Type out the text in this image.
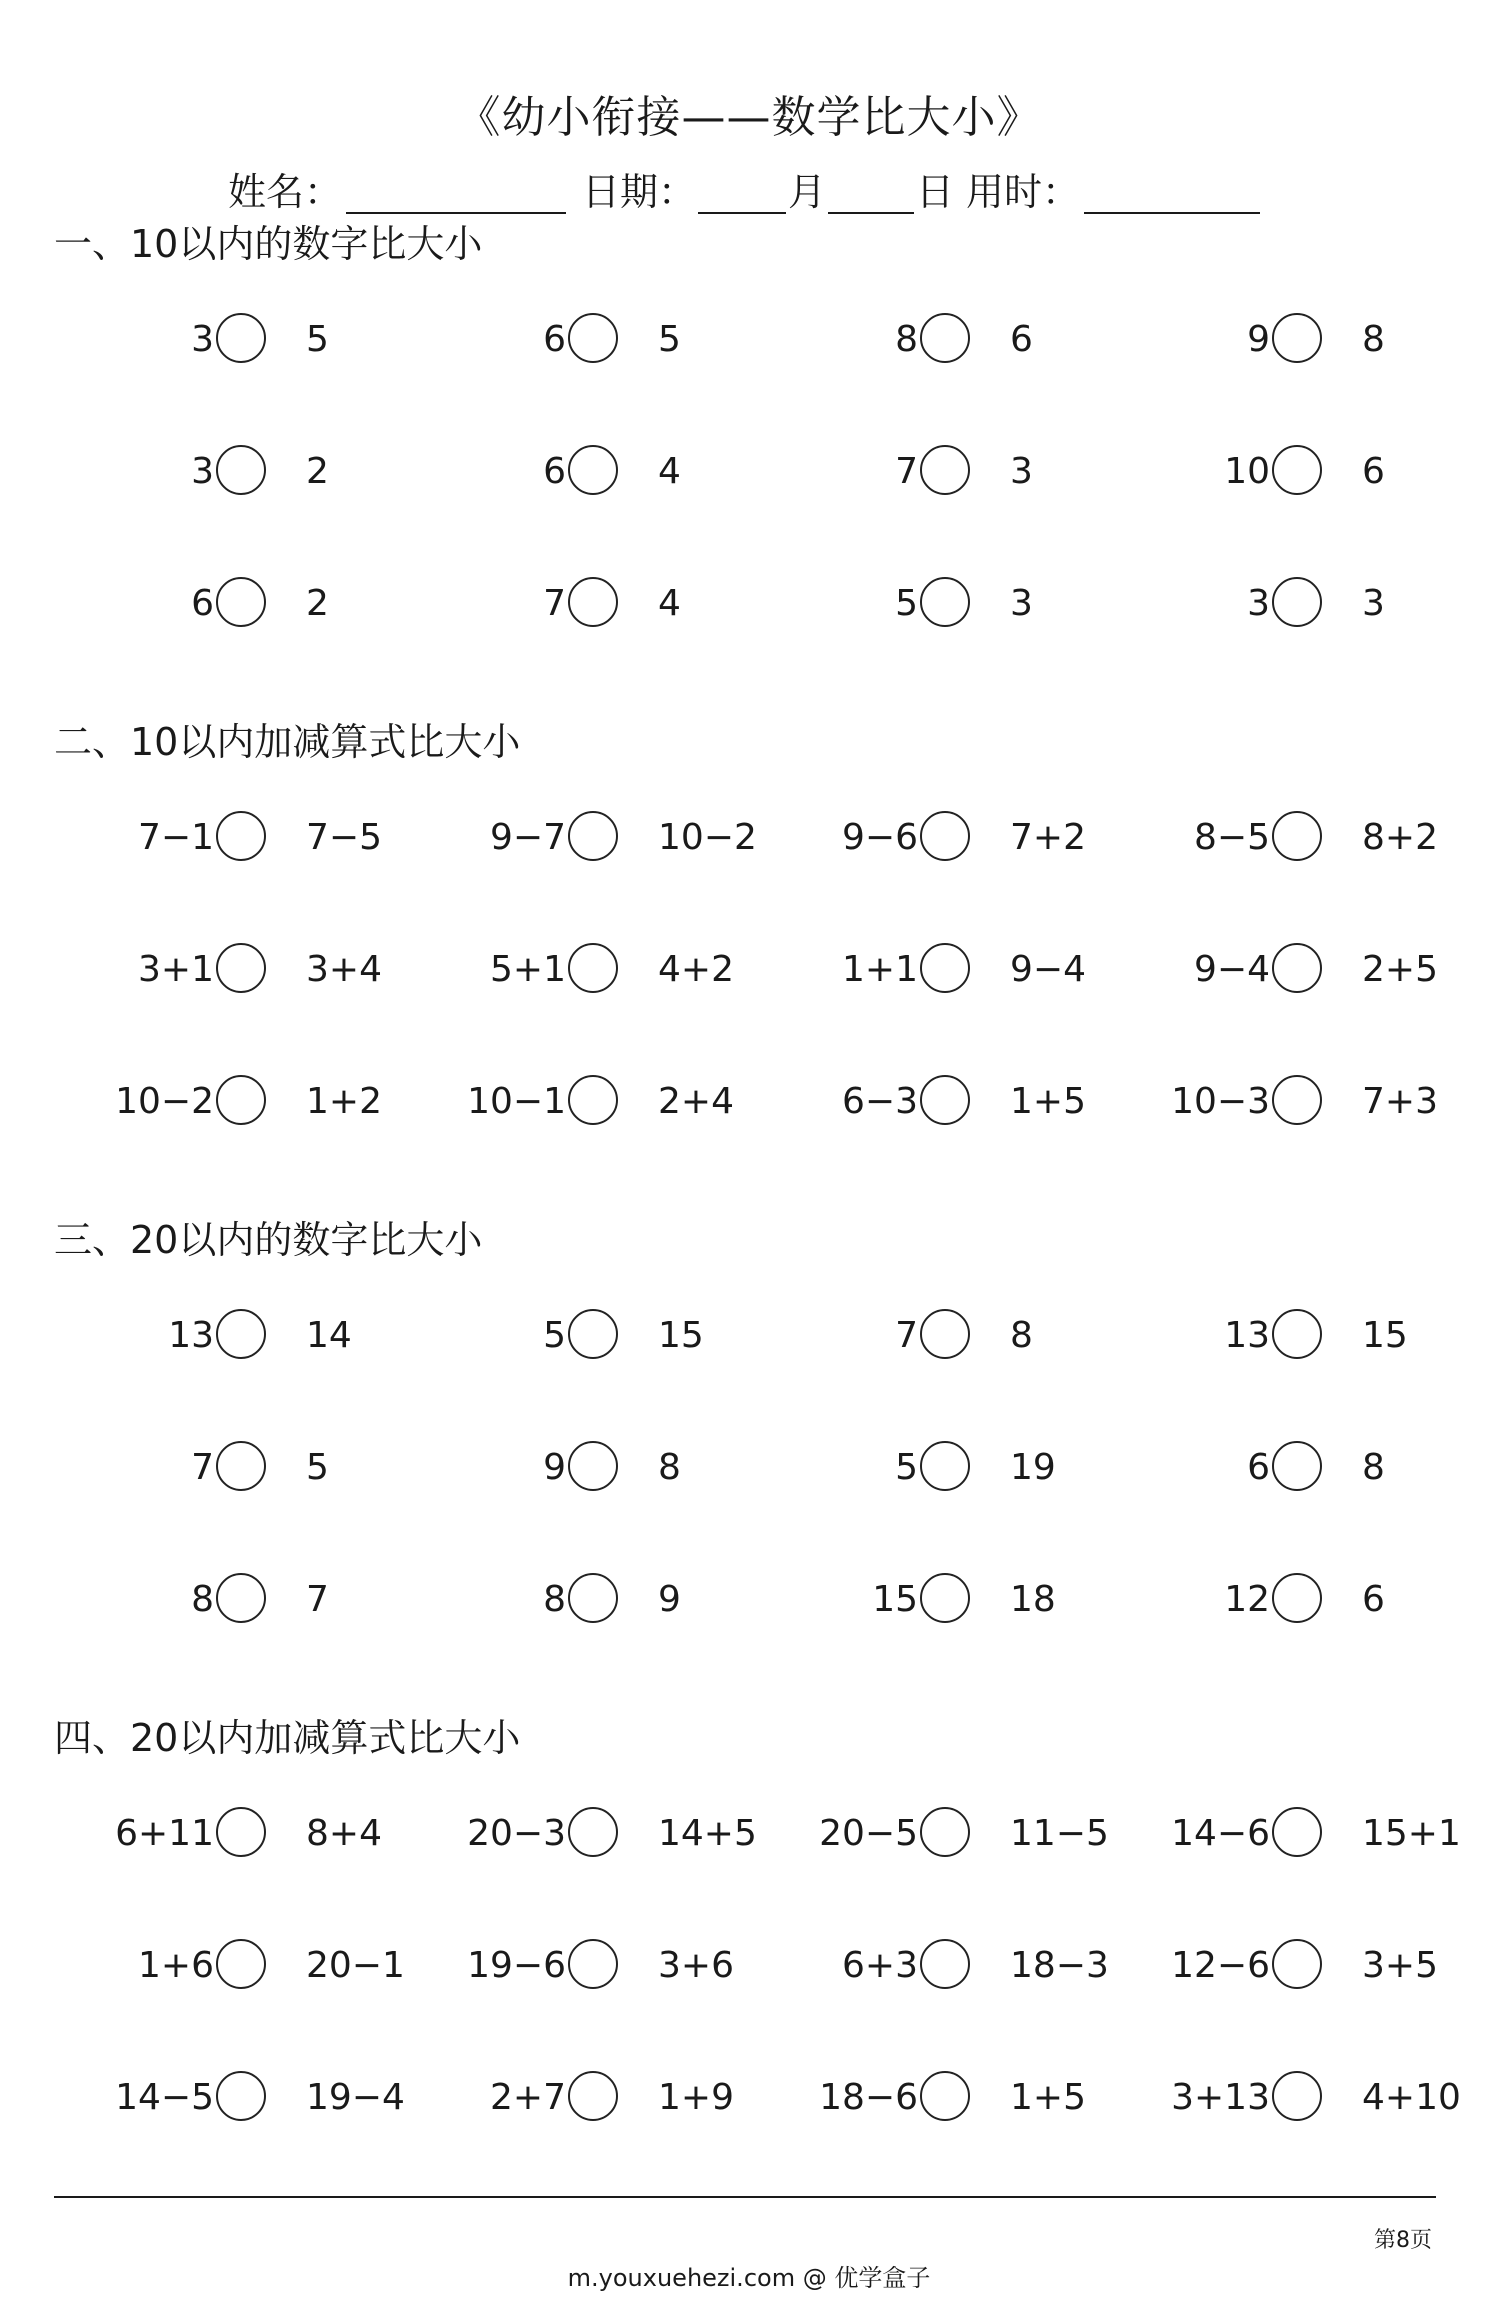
《幼小衔接——数学比大小》
姓名：	日期： 月 日 用时：
一、10以内的数字比大小
3	5	6	5	8	6	9	8
3	2	6	4	7	3	10	6
6	2	7	4	5	3	3	3
二、10以内加减算式比大小
7−1	7−5	9−7	10−2 9−6	7+2	8−5	8+2
3+1	3+4	5+1	4+2	1+1	9−4	9−4	2+5
10−2	1+2 10−1	2+4	6−3	1+5 10−3	7+3
三、20以内的数字比大小
13	14	5	15	7	8	13	15
7	5	9	8	5	19	6	8
8	7	8	9	15	18	12	6
四、20以内加减算式比大小
6+11	8+4 20−3	14+5 20−5	11−5 14−6	15+1
1+6	20−1 19−6	3+6	6+3	18−3 12−6	3+5
14−5	19−4 2+7	1+9 18−6	1+5 3+13	4+10
第8页
m.youxuehezi.com @ 优学盒子
